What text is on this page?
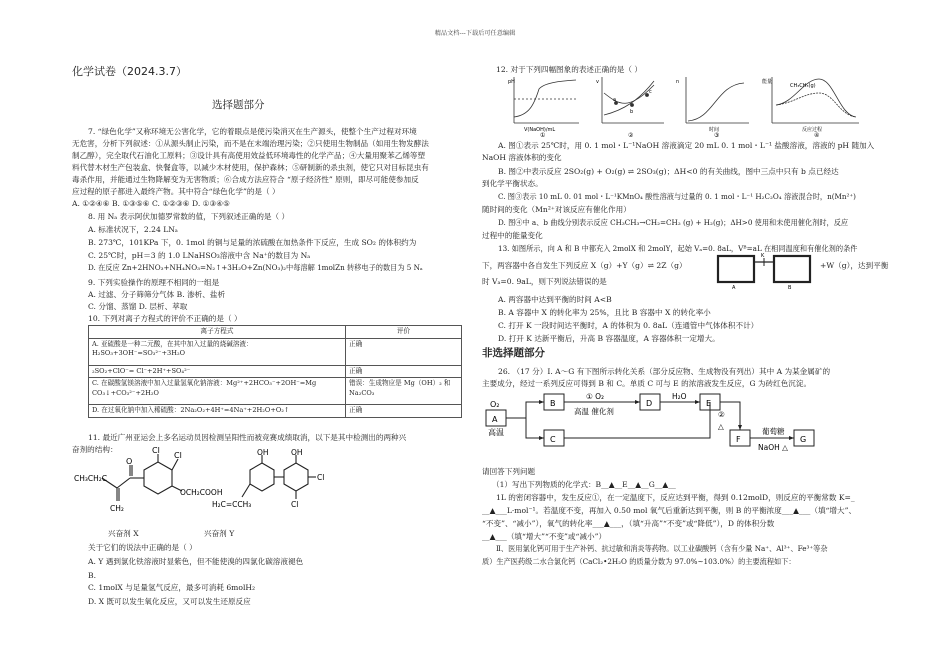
精品文档---下载后可任意编辑
化学试卷（2024.3.7）
选择题部分
7. “绿色化学”又称环境无公害化学，它的着眼点是使污染消灭在生产源头，使整个生产过程对环境
无危害，分析下列叙述：①从源头制止污染，而不是在末端治理污染；②只使用生物制品（如用生物发酵法
制乙醇），完全取代石油化工原料；③设计具有高使用效益低环境毒性的化学产品；④大量用聚苯乙烯等塑
料代替木材生产包装盒、快餐盒等，以减少木材使用，保护森林；⑤研制新的杀虫剂，使它只对目标昆虫有
毒杀作用，并能通过生物降解变为无害物质；⑥合成方法应符合 “原子经济性” 原则，即尽可能使参加反
应过程的原子都进入最终产物。其中符合“绿色化学”的是（ ）
A. ①②④⑥ B. ①③⑤⑥ C. ①②③⑥ D. ①③④⑤
8. 用 Nₐ 表示阿伏加德罗常数的值，下列叙述正确的是（ ）
A. 标准状况下，2.24 LNₐ
B. 273℃，101KPa 下，0. 1mol 的铜与足量的浓硫酸在加热条件下反应，生成 SO₂ 的体积约为
C. 25℃时，pH＝3 的 1.0 LNaHSO₃溶液中含 Na⁺的数目为 Nₐ
D. 在反应 Zn+2HNO₃+NH₄NO₃=N₂↑+3H₂O+Zn(NO₃)₂中每溶解 1molZn 转移电子的数目为 5 Nₐ
9. 下列实验操作的原理不相同的一组是
A. 过滤、分子筛筛分气体 B. 渗析、盐析
C. 分馏、蒸馏 D. 层析、萃取
10. 下列对离子方程式的评价不正确的是（ ）
离子方程式	评价
A. 亚硫酸是一种二元酸，在其中加入过量的烧碱溶液：H₂SO₃+3OH⁻=SO₃²⁻+3H₂O	正确
₂SO₂+ClO⁻= Cl⁻+2H⁺+SO₄²⁻	正确
C. 在碳酸氢镁溶液中加入过量氢氧化钠溶液：Mg²⁺+2HCO₃⁻+2OH⁻=Mg CO₃↓+CO₃²⁻+2H₂O	错误：生成物应是 Mg（OH）₂ 和 Na₂CO₃
D. 在过氧化钠中加入稀硫酸：2Na₂O₂+4H⁺=4Na⁺+2H₂O+O₂↑	正确
11. 最近广州亚运会上多名运动员因检测呈阳性而被竞赛成绩取消，以下是其中检测出的两种兴
奋剂的结构：
O
Cl
Cl
CH₃CH₂C
CH₂
OCH₂COOH
OH	OH
Cl
Cl
H₂C=CCH₃
兴奋剂 X	兴奋剂 Y
关于它们的说法中正确的是（ ）
A. Y 遇到氯化铁溶液时显紫色，但不能使溴的四氯化碳溶液褪色
B.
C. 1molX 与足量氢气反应，最多可消耗 6molH₂
D. X 既可以发生氧化反应，又可以发生还原反应
12. 对于下列四幅图象的表述正确的是（ ）
pH	v	n	能量
a
b
c
CH₃CH₃(g)
反应过程
V(NaOH)/mL	时间
①	②	③	④
A. 图①表示 25℃时，用 0. 1 mol・L⁻¹NaOH 溶液滴定 20 mL 0. 1 mol・L⁻¹ 盐酸溶液，溶液的 pH 随加入
NaOH 溶液体积的变化
B. 图②中表示反应 2SO₂(g) + O₂(g) ⇌ 2SO₃(g)；ΔH<0 的有关曲线，图中三点中只有 b 点已经达
到化学平衡状态。
C. 图③表示 10 mL 0. 01 mol・L⁻¹KMnO₄ 酸性溶液与过量的 0. 1 mol・L⁻¹ H₂C₂O₄ 溶液混合时，n(Mn²⁺)
随时间的变化（Mn²⁺对该反应有催化作用）
D. 图④中 a、b 曲线分别表示反应 CH₃CH₃→CH₂=CH₂ (g) + H₂(g)；ΔH>0 使用和未使用催化剂时，反应
过程中的能量变化
13. 如图所示，向 A 和 B 中都充入 2molX 和 2molY，起始 Vₐ=0. 8aL，Vᴮ=aL 在相同温度和有催化剂的条件
下，两容器中各自发生下列反应 X（g）+Y（g）⇌ 2Z（g）
K
A	B
+W（g），达到平衡
时 Vₐ=0. 9aL，则下列说法错误的是
A. 两容器中达到平衡的时间 A<B
B. A 容器中 X 的转化率为 25%，且比 B 容器中 X 的转化率小
C. 打开 K 一段时间达平衡时，A 的体积为 0. 8aL（连通管中气体体积不计）
D. 打开 K 达新平衡后，升高 B 容器温度，A 容器体积一定增大。
非选择题部分
26. （17 分）Ⅰ. A～G 有下图所示转化关系（部分反应物、生成物没有列出）其中 A 为某金属矿的
主要成分，经过一系列反应可得到 B 和 C。单质 C 可与 E 的浓溶液发生反应，G 为砖红色沉淀。
O₂
高温
A
B
C
D	E
F	G
① O₂
高温 催化剂
H₂O
②
△
葡萄糖
NaOH △
请回答下列问题
（1）写出下列物质的化学式：B__▲__E__▲__G__▲__
1L 的密闭容器中，发生反应①，在一定温度下，反应达到平衡，得到 0.12molD，则反应的平衡常数 K=_
__▲___L·mol⁻¹。若温度不变，再加入 0.50 mol 氧气后重新达到平衡，则 B 的平衡浓度___▲___（填“增大”、
“不变”、“减小”），氧气的转化率___▲___，（填“升高”“不变”或“降低”），D 的体积分数
__▲___（填“增大”“不变”或“减小”）
Ⅱ、医用氯化钙可用于生产补钙、抗过敏和消炎等药物。以工业碳酸钙（含有少量 Na⁺、Al³⁺、Fe³⁺等杂
质）生产医药级二水合氯化钙（CaCl₂•2H₂O 的质量分数为 97.0%~103.0%）的主要流程如下：
